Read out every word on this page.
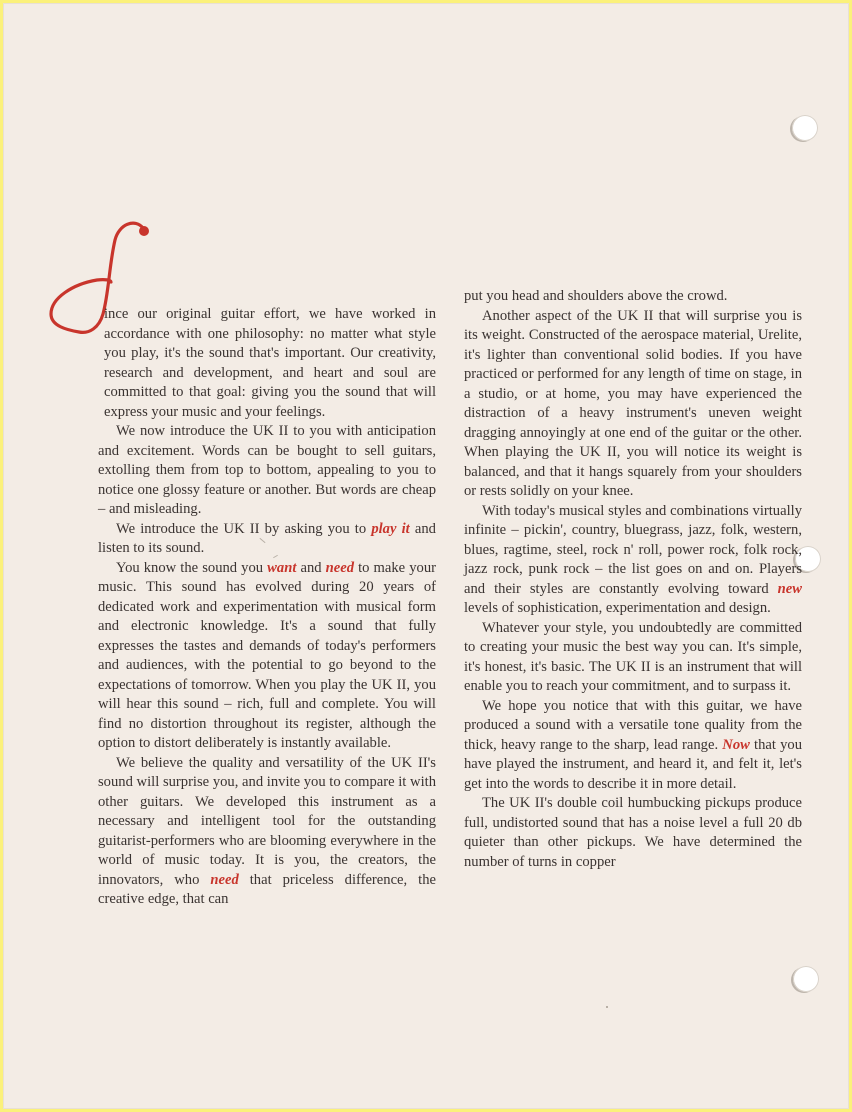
ince our original guitar effort, we have worked in accordance with one philosophy: no matter what style you play, it's the sound that's important. Our creativity, research and development, and heart and soul are committed to that goal: giving you the sound that will express your music and your feelings.

We now introduce the UK II to you with anticipation and excitement. Words can be bought to sell guitars, extolling them from top to bottom, appealing to you to notice one glossy feature or another. But words are cheap – and misleading.

We introduce the UK II by asking you to play it and listen to its sound.

You know the sound you want and need to make your music. This sound has evolved during 20 years of dedicated work and experimentation with musical form and electronic knowledge. It's a sound that fully expresses the tastes and demands of today's performers and audiences, with the potential to go beyond to the expectations of tomorrow. When you play the UK II, you will hear this sound – rich, full and complete. You will find no distortion throughout its register, although the option to distort deliberately is instantly available.

We believe the quality and versatility of the UK II's sound will surprise you, and invite you to compare it with other guitars. We developed this instrument as a necessary and intelligent tool for the outstanding guitarist-performers who are blooming everywhere in the world of music today. It is you, the creators, the innovators, who need that priceless difference, the creative edge, that can

put you head and shoulders above the crowd.

Another aspect of the UK II that will surprise you is its weight. Constructed of the aerospace material, Urelite, it's lighter than conventional solid bodies. If you have practiced or performed for any length of time on stage, in a studio, or at home, you may have experienced the distraction of a heavy instrument's uneven weight dragging annoyingly at one end of the guitar or the other. When playing the UK II, you will notice its weight is balanced, and that it hangs squarely from your shoulders or rests solidly on your knee.

With today's musical styles and combinations virtually infinite – pickin', country, bluegrass, jazz, folk, western, blues, ragtime, steel, rock n' roll, power rock, folk rock, jazz rock, punk rock – the list goes on and on. Players and their styles are constantly evolving toward new levels of sophistication, experimentation and design.

Whatever your style, you undoubtedly are committed to creating your music the best way you can. It's simple, it's honest, it's basic. The UK II is an instrument that will enable you to reach your commitment, and to surpass it.

We hope you notice that with this guitar, we have produced a sound with a versatile tone quality from the thick, heavy range to the sharp, lead range. Now that you have played the instrument, and heard it, and felt it, let's get into the words to describe it in more detail.

The UK II's double coil humbucking pickups produce full, undistorted sound that has a noise level a full 20 db quieter than other pickups. We have determined the number of turns in copper
